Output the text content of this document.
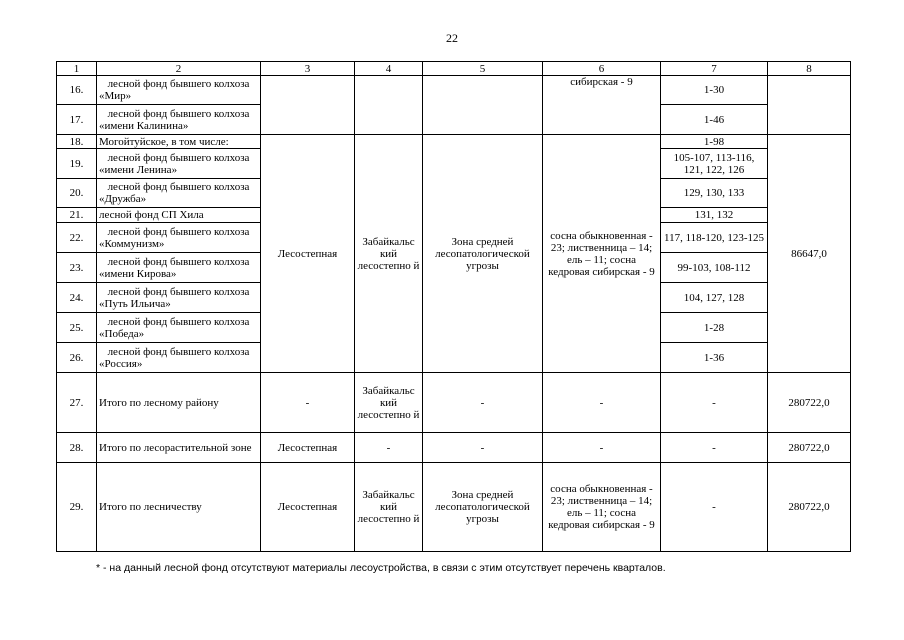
22
1	2	3	4	5	6	7	8
16.	лесной фонд бывшего колхоза «Мир»				сибирская - 9	1-30	
17.	лесной фонд бывшего колхоза «имени Калинина»					1-46	
18.	Могойтуйское, в том числе:	Лесостепная	Забайкальс кий лесостепно й	Зона средней лесопатологической угрозы	сосна обыкновенная - 23; лиственница – 14; ель – 11; сосна кедровая сибирская - 9	1-98	86647,0
19.	лесной фонд бывшего колхоза «имени Ленина»					105-107, 113-116, 121, 122, 126	
20.	лесной фонд бывшего колхоза «Дружба»					129, 130, 133	
21.	лесной фонд СП Хила					131, 132	
22.	лесной фонд бывшего колхоза «Коммунизм»					117, 118-120, 123-125	
23.	лесной фонд бывшего колхоза «имени Кирова»					99-103, 108-112	
24.	лесной фонд бывшего колхоза «Путь Ильича»					104, 127, 128	
25.	лесной фонд бывшего колхоза «Победа»					1-28	
26.	лесной фонд бывшего колхоза «Россия»					1-36	
27.	Итого по лесному району	-	Забайкальс кий лесостепно й	-	-	-	280722,0
28.	Итого по лесорастительной зоне	Лесостепная	-	-	-	-	280722,0
29.	Итого по лесничеству	Лесостепная	Забайкальс кий лесостепно й	Зона средней лесопатологической угрозы	сосна обыкновенная - 23; лиственница – 14; ель – 11; сосна кедровая сибирская - 9	-	280722,0
* - на данный лесной фонд отсутствуют материалы лесоустройства, в связи с этим отсутствует перечень кварталов.
